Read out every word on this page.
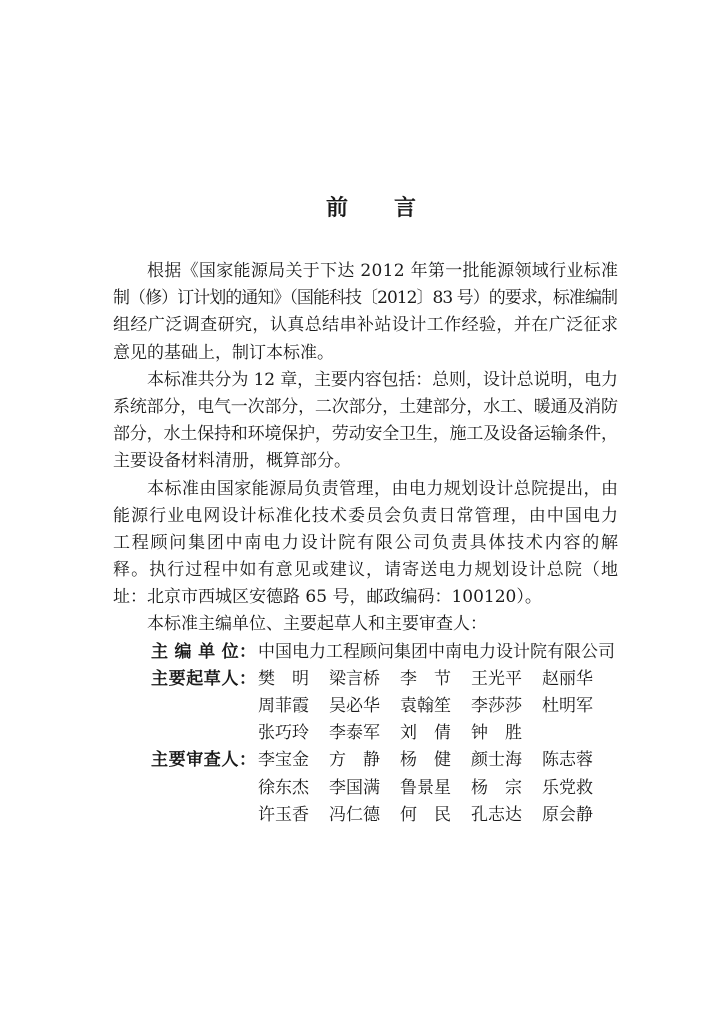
前　言
根据《国家能源局关于下达 2012 年第一批能源领域行业标准
制（修）订计划的通知》（国能科技〔2012〕83 号）的要求，标准编制
组经广泛调查研究，认真总结串补站设计工作经验，并在广泛征求
意见的基础上，制订本标准。
本标准共分为 12 章，主要内容包括：总则，设计总说明，电力
系统部分，电气一次部分，二次部分，土建部分，水工、暖通及消防
部分，水土保持和环境保护，劳动安全卫生，施工及设备运输条件，
主要设备材料清册，概算部分。
本标准由国家能源局负责管理，由电力规划设计总院提出，由
能源行业电网设计标准化技术委员会负责日常管理，由中国电力
工程顾问集团中南电力设计院有限公司负责具体技术内容的解
释。执行过程中如有意见或建议，请寄送电力规划设计总院（地
址：北京市西城区安德路 65 号，邮政编码：100120）。
本标准主编单位、主要起草人和主要审查人：
主 编 单 位： 中国电力工程顾问集团中南电力设计院有限公司
主要起草人： 樊　明	梁言桥	李　节	王光平	赵丽华
周菲霞	吴必华	袁翰笙	李莎莎	杜明军
张巧玲	李泰军	刘　倩	钟　胜
主要审查人： 李宝金	方　静	杨　健	颜士海	陈志蓉
徐东杰	李国满	鲁景星	杨　宗	乐党救
许玉香	冯仁德	何　民	孔志达	原会静
